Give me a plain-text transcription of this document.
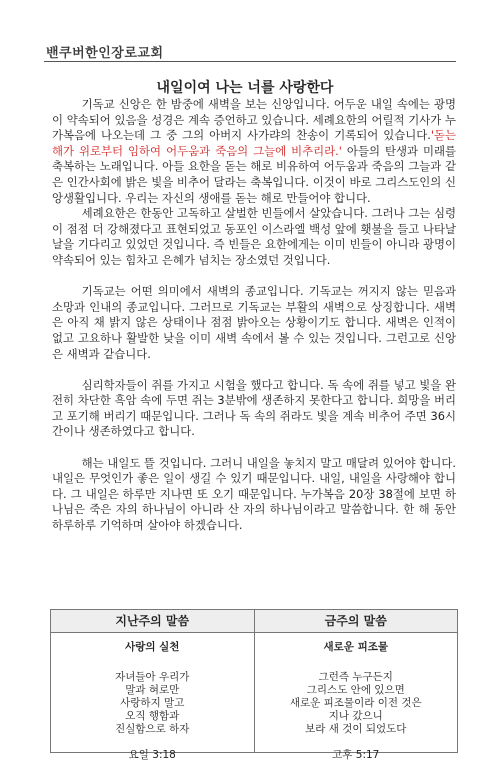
밴쿠버한인장로교회
내일이여 나는 너를 사랑한다

기독교 신앙은 한 밤중에 새벽을 보는 신앙입니다. 어두운 내일 속에는 광명이 약속되어 있음을 성경은 계속 증언하고 있습니다. 세례요한의 어릴적 기사가 누가복음에 나오는데 그 중 그의 아버지 사가랴의 찬송이 기록되어 있습니다.'돋는 해가 위로부터 임하여 어두움과 죽음의 그늘에 비추리라.' 아들의 탄생과 미래를 축복하는 노래입니다. 아들 요한을 돋는 해로 비유하여 어두움과 죽음의 그늘과 같은 인간사회에 밝은 빛을 비추어 달라는 축복입니다. 이것이 바로 그리스도인의 신앙생활입니다. 우리는 자신의 생애를 돋는 해로 만들어야 합니다.

세례요한은 한동안 고독하고 살벌한 빈들에서 살았습니다. 그러나 그는 심령이 점점 더 강해졌다고 표현되었고 동포인 이스라엘 백성 앞에 횃불을 들고 나타날 날을 기다리고 있었던 것입니다. 즉 빈들은 요한에게는 이미 빈들이 아니라 광명이 약속되어 있는 힘차고 은혜가 넘치는 장소였던 것입니다.

기독교는 어떤 의미에서 새벽의 종교입니다. 기독교는 꺼지지 않는 믿음과 소망과 인내의 종교입니다. 그러므로 기독교는 부활의 새벽으로 상징합니다. 새벽은 아직 채 밝지 않은 상태이나 점점 밝아오는 상황이기도 합니다. 새벽은 인적이 없고 고요하나 활발한 낮을 이미 새벽 속에서 볼 수 있는 것입니다. 그런고로 신앙은 새벽과 같습니다.

심리학자들이 쥐를 가지고 시험을 했다고 합니다. 독 속에 쥐를 넣고 빛을 완전히 차단한 흑암 속에 두면 쥐는 3분밖에 생존하지 못한다고 합니다. 희망을 버리고 포기해 버리기 때문입니다. 그러나 독 속의 쥐라도 빛을 계속 비추어 주면 36시간이나 생존하였다고 합니다.

해는 내일도 뜰 것입니다. 그러니 내일을 놓치지 말고 매달려 있어야 합니다. 내일은 무엇인가 좋은 일이 생길 수 있기 때문입니다. 내일, 내일을 사랑해야 합니다. 그 내일은 하루만 지나면 또 오기 때문입니다. 누가복음 20장 38절에 보면 하나님은 죽은 자의 하나님이 아니라 산 자의 하나님이라고 말씀합니다. 한 해 동안 하루하루 기억하며 살아야 하겠습니다.

지난주의 말씀
사랑의 실천
자녀들아 우리가
말과 혀로만
사랑하지 말고
오직 행함과
진실함으로 하자
요일 3:18
금주의 말씀
새로운 피조물
그런즉 누구든지
그리스도 안에 있으면
새로운 피조물이라 이전 것은
지나 갔으니
보라 새 것이 되었도다
고후 5:17
